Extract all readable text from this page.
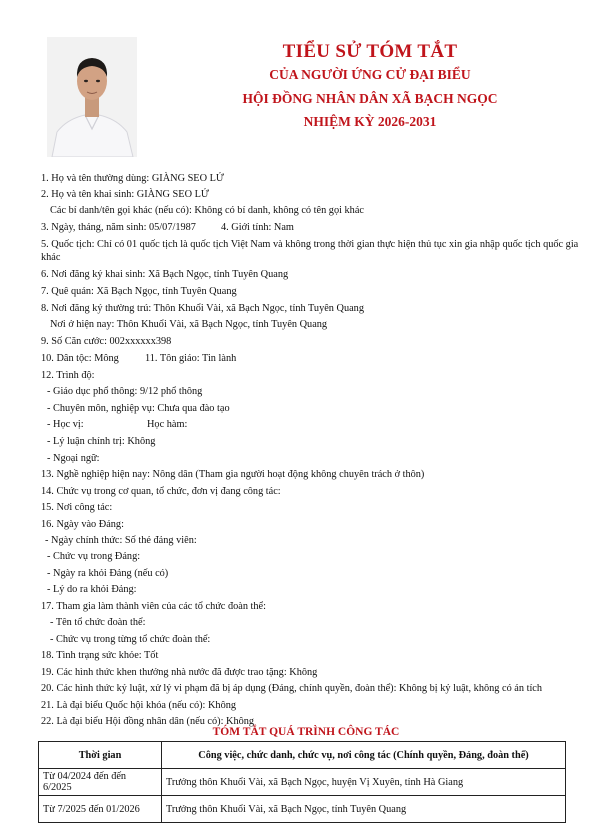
TIỂU SỬ TÓM TẮT
CỦA NGƯỜI ỨNG CỬ ĐẠI BIỂU
HỘI ĐỒNG NHÂN DÂN XÃ BẠCH NGỌC
NHIỆM KỲ 2026-2031
1. Họ và tên thường dùng: GIÀNG SEO LỬ
2. Họ và tên khai sinh: GIÀNG SEO LỬ
Các bí danh/tên gọi khác (nếu có): Không có bí danh, không có tên gọi khác
3. Ngày, tháng, năm sinh: 05/07/1987 4. Giới tính: Nam
5. Quốc tịch: Chỉ có 01 quốc tịch là quốc tịch Việt Nam và không trong thời gian thực hiện thủ tục xin gia nhập quốc tịch quốc gia khác
6. Nơi đăng ký khai sinh: Xã Bạch Ngọc, tỉnh Tuyên Quang
7. Quê quán: Xã Bạch Ngọc, tỉnh Tuyên Quang
8. Nơi đăng ký thường trú: Thôn Khuổi Vài, xã Bạch Ngọc, tỉnh Tuyên Quang
Nơi ở hiện nay: Thôn Khuổi Vài, xã Bạch Ngọc, tỉnh Tuyên Quang
9. Số Căn cước: 002xxxxxx398
10. Dân tộc: Mông	11. Tôn giáo: Tin lành
12. Trình độ:
- Giáo dục phổ thông: 9/12 phổ thông
- Chuyên môn, nghiệp vụ: Chưa qua đào tạo
- Học vị:	Học hàm:
- Lý luận chính trị: Không
- Ngoại ngữ:
13. Nghề nghiệp hiện nay: Nông dân (Tham gia người hoạt động không chuyên trách ở thôn)
14. Chức vụ trong cơ quan, tổ chức, đơn vị đang công tác:
15. Nơi công tác:
16. Ngày vào Đảng:
- Ngày chính thức: Số thẻ đảng viên:
- Chức vụ trong Đảng:
- Ngày ra khỏi Đảng (nếu có)
- Lý do ra khỏi Đảng:
17. Tham gia làm thành viên của các tổ chức đoàn thể:
- Tên tổ chức đoàn thể:
- Chức vụ trong từng tổ chức đoàn thể:
18. Tình trạng sức khỏe: Tốt
19. Các hình thức khen thưởng nhà nước đã được trao tặng: Không
20. Các hình thức kỷ luật, xử lý vi phạm đã bị áp dụng (Đảng, chính quyền, đoàn thể): Không bị kỷ luật, không có án tích
21. Là đại biểu Quốc hội khóa (nếu có): Không
22. Là đại biểu Hội đồng nhân dân (nếu có): Không
TÓM TẮT QUÁ TRÌNH CÔNG TÁC
Thời gian	Công việc, chức danh, chức vụ, nơi công tác (Chính quyền, Đảng, đoàn thể)
Từ 04/2024 đến đến 6/2025	Trưởng thôn Khuổi Vài, xã Bạch Ngọc, huyện Vị Xuyên, tỉnh Hà Giang
Từ 7/2025 đến 01/2026	Trưởng thôn Khuổi Vài, xã Bạch Ngọc, tỉnh Tuyên Quang
